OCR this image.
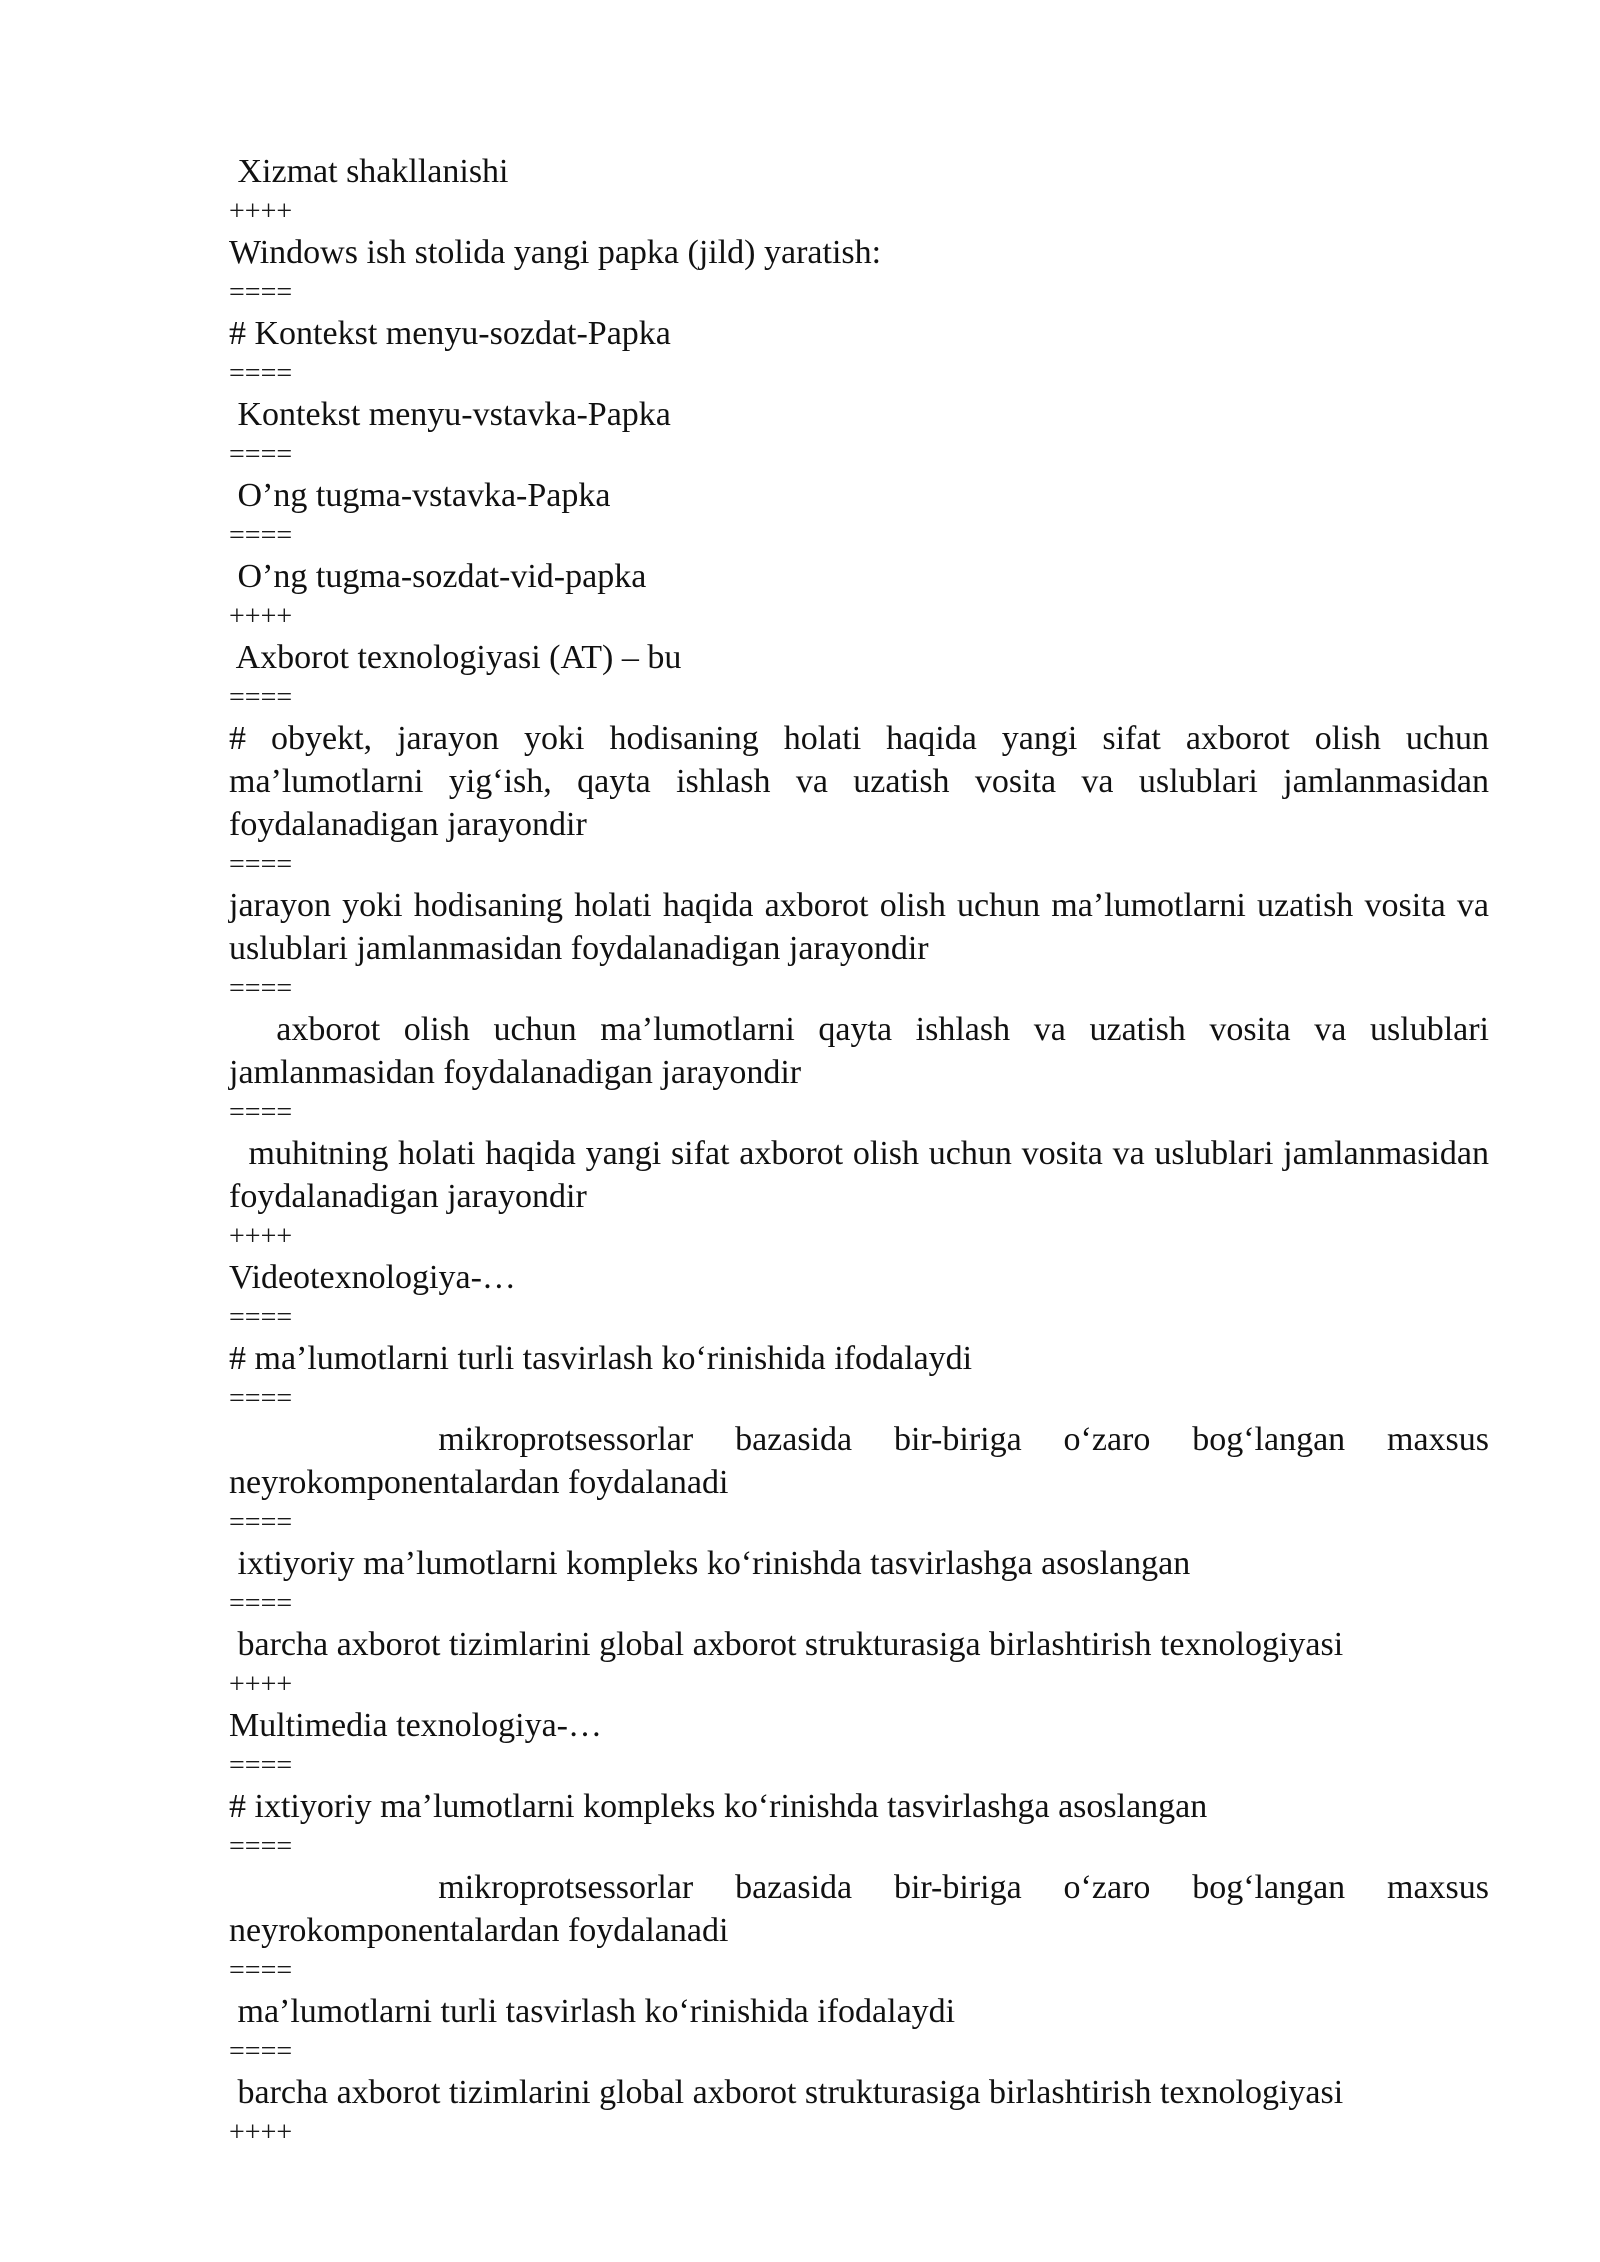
Xizmat shakllanishi
++++
Windows ish stolida yangi papka (jild) yaratish:
====
# Kontekst menyu-sozdat-Papka
====
Kontekst menyu-vstavka-Papka
====
O’ng tugma-vstavka-Papka
====
O’ng tugma-sozdat-vid-papka
++++
Axborot texnologiyasi (AT) – bu
====
# obyekt, jarayon yoki hodisaning holati haqida yangi sifat axborot olish uchun ma’lumotlarni yig‘ish, qayta ishlash va uzatish vosita va uslublari jamlanmasidan foydalanadigan jarayondir
====
jarayon yoki hodisaning holati haqida axborot olish uchun ma’lumotlarni uzatish vosita va uslublari jamlanmasidan foydalanadigan jarayondir
====
axborot olish uchun ma’lumotlarni qayta ishlash va uzatish vosita va uslublari jamlanmasidan foydalanadigan jarayondir
====
muhitning holati haqida yangi sifat axborot olish uchun vosita va uslublari jamlanmasidan foydalanadigan jarayondir
++++
Videotexnologiya-…
====
# ma’lumotlarni turli tasvirlash ko‘rinishida ifodalaydi
====
mikroprotsessorlar bazasida bir-biriga o‘zaro bog‘langan maxsus neyrokomponentalardan foydalanadi
====
ixtiyoriy ma’lumotlarni kompleks ko‘rinishda tasvirlashga asoslangan
====
barcha axborot tizimlarini global axborot strukturasiga birlashtirish texnologiyasi
++++
Multimedia texnologiya-…
====
# ixtiyoriy ma’lumotlarni kompleks ko‘rinishda tasvirlashga asoslangan
====
mikroprotsessorlar bazasida bir-biriga o‘zaro bog‘langan maxsus neyrokomponentalardan foydalanadi
====
ma’lumotlarni turli tasvirlash ko‘rinishida ifodalaydi
====
barcha axborot tizimlarini global axborot strukturasiga birlashtirish texnologiyasi
++++
